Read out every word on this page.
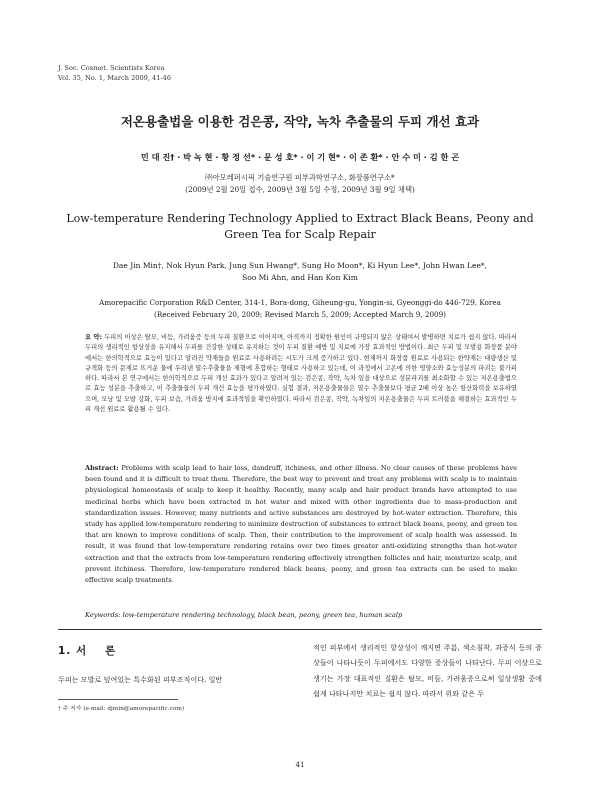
J. Soc. Cosmet. Scientists Korea
Vol. 35, No. 1, March 2009, 41-46
저온용출법을 이용한 검은콩, 작약, 녹차 추출물의 두피 개선 효과
민 대 진† · 박 녹 현 · 황 정 선* · 문 성 호* · 이 기 현* · 이 존 환* · 안 수 미 · 김 한 곤
㈜아모레퍼시픽 기술연구원 피부과학연구소, 화장품연구소*
(2009년 2월 20일 접수, 2009년 3월 5일 수정, 2009년 3월 9일 채택)
Low-temperature Rendering Technology Applied to Extract Black Beans, Peony and
Green Tea for Scalp Repair
Dae Jin Min†, Nok Hyun Park, Jung Sun Hwang*, Sung Ho Moon*, Ki Hyun Lee*, John Hwan Lee*,
Soo Mi Ahn, and Han Kon Kim
Amorepacific Corporation R&D Center, 314-1, Bora-dong, Giheung-gu, Yongin-si, Gyeonggi-do 446-729, Korea
(Received February 20, 2009; Revised March 5, 2009; Accepted March 9, 2009)
요 약: 두피의 이상은 탈모, 비듬, 가려움증 등의 두피 질환으로 이어지며, 아직까지 정확한 원인이 규명되지 않은 상태여서 발병하면 치료가 쉽지 않다. 따라서 두피의 생리적인 항상성을 유지해서 두피를 건강한 상태로 유지하는 것이 두피 질환 예방 및 치료에 가장 효과적인 방법이다. 최근 두피 및 모발용 화장품 분야에서는 한의학적으로 효능이 있다고 알려진 약재들을 원료로 사용하려는 시도가 크게 증가하고 있다. 현재까지 화장품 원료로 사용되는 한약재는 대량생산 및 규격화 등의 문제로 뜨거운 물에 우려낸 열수추출물을 제형에 혼합하는 형태로 사용하고 있는데, 이 과정에서 고온에 의한 영양소와 효능성분의 파괴는 불가피하다. 따라서 본 연구에서는 한의학적으로 두피 개선 효과가 있다고 알려져 있는 검은콩, 작약, 녹차 잎을 대상으로 성분파괴를 최소화할 수 있는 저온용출법으로 효능 성분을 추출하고, 이 추출물들의 두피 개선 효능을 평가하였다. 실험 결과, 저온용출물들은 열수 추출물보다 평균 2배 이상 높은 항산화력을 보유하였으며, 모낭 및 모발 강화, 두피 보습, 가려움 방지에 효과적임을 확인하였다. 따라서 검은콩, 작약, 녹차잎의 저온용출물은 두피 트러블을 해결하는 효과적인 두피 개선 원료로 활용될 수 있다.
Abstract: Problems with scalp lead to hair loss, dandruff, itchiness, and other illness. No clear causes of these problems have been found and it is difficult to treat them. Therefore, the best way to prevent and treat any problems with scalp is to maintain physiological homeostasis of scalp to keep it healthy. Recently, many scalp and hair product brands have attempted to use medicinal herbs which have been extracted in hot water and mixed with other ingredients due to mass-production and standardization issues. However, many nutrients and active substances are destroyed by hot-water extraction. Therefore, this study has applied low-temperature rendering to minimize destruction of substances to extract black beans, peony, and green tea that are known to improve conditions of scalp. Then, their contribution to the improvement of scalp health was assessed. In result, it was found that low-temperature rendering retains over two times greater anti-oxidizing strengths than hot-water extraction and that the extracts from low-temperature rendering effectively strengthen follicles and hair, moisturize scalp, and prevent itchiness. Therefore, low-temperature rendered black beans, peony, and green tea extracts can be used to make effective scalp treatments.
Keywords: low-temperature rendering technology, black bean, peony, green tea, human scalp
1. 서 론
두피는 모발로 덮여있는 특수화된 피부조직이다. 일반
적인 피부에서 생리적인 항상성이 깨지면 주름, 색소침착, 과증식 등의 증상들이 나타나듯이 두피에서도 다양한 증상들이 나타난다. 두피 이상으로 생기는 가장 대표적인 질환은 탈모, 비듬, 가려움증으로써 일상생활 중에 쉽게 나타나지만 치료는 쉽지 않다. 따라서 위와 같은 두
† 주 저자 (e-mail: djmin@amorepacific.com)
41
